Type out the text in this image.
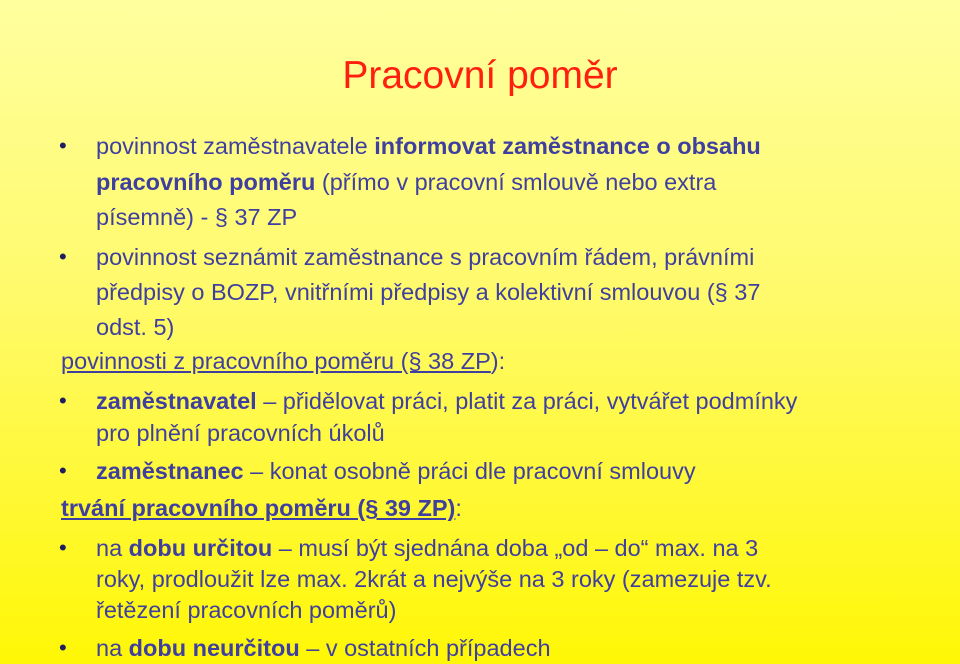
Pracovní poměr
• povinnost zaměstnavatele informovat zaměstnance o obsahu

pracovního poměru (přímo v pracovní smlouvě nebo extra

písemně) - § 37 ZP

• povinnost seznámit zaměstnance s pracovním řádem, právními

předpisy o BOZP, vnitřními předpisy a kolektivní smlouvou (§ 37

odst. 5)

povinnosti z pracovního poměru (§ 38 ZP):

• zaměstnavatel – přidělovat práci, platit za práci, vytvářet podmínky

pro plnění pracovních úkolů

• zaměstnanec – konat osobně práci dle pracovní smlouvy

trvání pracovního poměru (§ 39 ZP):

• na dobu určitou – musí být sjednána doba „od – do“ max. na 3

roky, prodloužit lze max. 2krát a nejvýše na 3 roky (zamezuje tzv.

řetězení pracovních poměrů)

• na dobu neurčitou – v ostatních případech
